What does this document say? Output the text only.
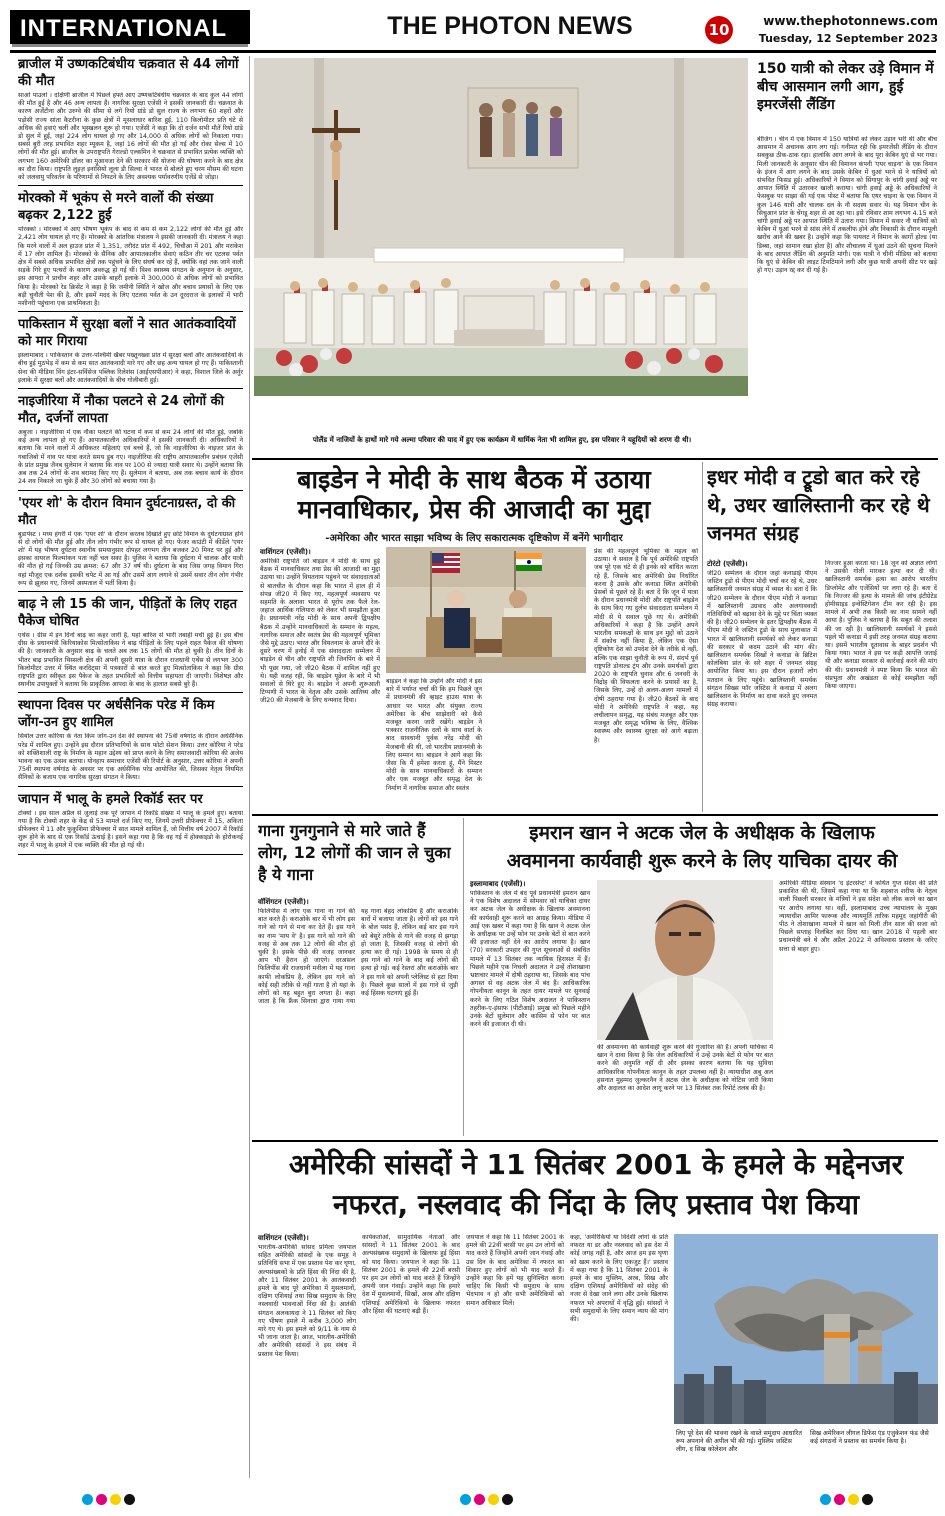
INTERNATIONAL	THE PHOTON NEWS	10	www.thephotonnews.com
Tuesday, 12 September 2023
ब्राजील में उष्णकटिबंधीय चक्रवात से 44 लोगों की मौत
साओ पाउलो । दक्षिणी ब्राजील में पिछले हफ्ते आए उष्णकटिबंधीय चक्रवात के बाद कुल 44 लोगों की मौत हुई है और 46 अन्य लापता हैं। नागरिक सुरक्षा एजेंसी ने इसकी जानकारी दी। चक्रवात के कारण अर्जेंटीना और उरुग्वे की सीमा से लगे रियो ग्रांडे डो सुल राज्य के लगभग 60 शहरों और पड़ोसी राज्य सांता कैटरीना के कुछ क्षेत्रों में मूसलाधार बारिश हुई, 110 किलोमीटर प्रति घंटे से अधिक की हवाएं चलीं और भूस्खलन शुरू हो गया। एजेंसी ने कहा कि दो दर्जन सभी मौतें रियो ग्रांडे डो सुल में हुईं, जहां 224 लोग घायल हो गए और 14,000 से अधिक लोगों को निकाला गया। सबसे बुरी तरह प्रभावित शहर म्यूकम है, जहां 16 लोगों की मौत हो गई और रोका सेल्स में 10 लोगों की मौत हुई। ब्राजील के उपराष्ट्रपति गेराल्डो एल्कमिन ने चक्रवात से प्रभावित प्रत्येक व्यक्ति को लगभग 160 अमेरिकी डॉलर का मुआवजा देने की सरकार की योजना की घोषणा करने के बाद क्षेत्र का दौरा किया। राष्ट्रपति लुइज़ इनासियो लूला डी सिल्वा ने भारत से बोलते हुए चरम मौसम की घटना को जलवायु परिवर्तन के परिणामों से निपटने के लिए अवश्यक पर्यावरणीय एजेंडे से जोड़ा।
मोरक्को में भूकंप से मरने वालों की संख्या बढ़कर 2,122 हुई
मोरक्को । मोरक्को में आए भीषण भूकंप के बाद से कम से कम 2,122 लोगों की मौत हुई और 2,421 लोग घायल हो गए हैं। मोरक्को के आंतरिक मंत्रालय ने इसकी जानकारी दी। मंत्रालय ने कहा कि मरने वालों में अल हाउज प्रांत में 1,351, तरौदंट प्रांत में 492, चिचौआ में 201 और मराकेश में 17 लोग शामिल हैं। मोरक्को के सैनिक और आपातकालीन सेवाएं कठिन तीर चर एटलस पर्वत क्षेत्र में सबसे अधिक प्रभावित क्षेत्रों तक पहुंचने के लिए संघर्ष कर रहे हैं, क्योंकि वहां तक जाने वाली सड़कें गिरे हुए पत्थरों के कारण अवरुद्ध हो गई थीं। विश्व स्वास्थ्य संगठन के अनुमान के अनुसार, इस आपदा ने प्राचीन शहर और उसके बाहरी इलाके में 300,000 से अधिक लोगों को प्रभावित किया है। मोरक्को रेड क्रिसेंट ने कहा है कि जमीनी स्थिति ने खोज और बचाव प्रयासों के लिए एक बड़ी चुनौती पेश की है, और इसमें मदद के लिए एटलस पर्वत के उन दूरदराज के इलाकों में भारी मशीनरी पहुंचाना एक प्राथमिकता है।
पाकिस्तान में सुरक्षा बलों ने सात आतंकवादियों को मार गिराया
इस्लामाबाद । पाकिस्तान के उत्तर-पश्चिमी खैबर पख्तूनख्वा प्रांत में सुरक्षा बलों और आतंकवादियों के बीच हुई मुठभेड़ में कम से कम सात आतंकवादी मारे गए और छह अन्य घायल हो गए हैं। पाकिस्तानी सेना की मीडिया विंग इंटर-सर्विसेज पब्लिक रिलेशंस (आईएसपीआर) ने कहा, विशाल जिले के अर्नुर इलाके में सुरक्षा बलों और आतंकवादियों के बीच गोलीबारी हुई।
नाइजीरिया में नौका पलटने से 24 लोगों की मौत, दर्जनों लापता
अबुजा । नाइजीरिया में एक नौका पलटने की घटना में कम से कम 24 लोगों की मौत हुई, जबकि कई अन्य लापता हो गए हैं। आपातकालीन अधिकारियों ने इसकी जानकारी दी। अधिकारियों ने बताया कि मरने वालों में अधिकतर महिलाएं एवं बच्चे हैं, जो कि नाइजीरिया के नाइजर प्रांत के गबाजिबो में नाव पर यात्रा करते समय डूब गए। नाइजीरिया की राष्ट्रीय आपातकालीन प्रबंधन एजेंसी के प्रांत प्रमुख जैनब सुलेमान ने बताया कि नाव पर 100 से ज्यादा यात्री सवार थे। उन्होंने बताया कि अब तक 24 लोगों के शव बरामद किए गए हैं। सुलेमान ने बताया, अब तक बचाव कार्य के दौरान 24 शव निकाले जा चुके हैं और 30 लोगों को बचाया गया है।
'एयर शो' के दौरान विमान दुर्घटनाग्रस्त, दो की मौत
बुडापेस्ट । मध्य हंगरी में एक 'एयर शो' के दौरान करतब दिखाते हुए छोटे विमान के दुर्घटनाग्रस्त होने से दो लोगों की मौत हुई और तीन लोग गंभीर रूप से घायल हो गए। फेजर काउंटी में कीर्डेले 'एयर शो' में यह भीषण दुर्घटना स्थानीय समयानुसार दोपहर लगभग तीन बजकर 20 मिनट पर हुई और इसका वायरल फिल्मांकन पता नहीं चल सका है। पुलिस ने बताया कि दुर्घटना में चालक और यात्री की मौत हो गई जिनकी उम्र क्रमश: 67 और 37 वर्ष थी। दुर्घटना के बाद जिस जगह विमान गिरा वहां मौजूद एक दर्शक इसकी चपेट में आ गई और उसमें आग लगाने से उसमें सवार तीन लोग गंभीर रूप से झुलस गए, जिनमें अस्पताल में भर्ती किया है।
बाढ़ ने ली 15 की जान, पीड़ितों के लिए राहत पैकेज घोषित
एथेंस । ग्रीस में इन दिनों बाढ़ का कहर जारी है, यहां बारिश से भारी तबाही मची हुई है। इस बीच ग्रीस के प्रधानमंत्री किरियाकोस मित्सोताकिस ने बाढ़ पीड़ितों के लिए पहले राहत पैकेज की घोषणा की है। जानकारी के अनुसार बाढ़ के चलते अब तक 15 लोगों की मौत हो चुकी है। तीन दिनों के भीतर बाढ़ प्रभावित थिस्सली क्षेत्र की अपनी दूसरी यात्रा के दौरान राजधानी एथेंस से लगभग 300 किलोमीटर उत्तर में स्थित करदिट्सा में पत्रकारों से बात करते हुए मित्सोताकिस ने कहा कि ग्रीस राष्ट्रपति द्वारा स्वीकृत इस पैकेज के तहत प्रभावितों को वित्तीय सहायता दी जाएगी। विशेषज्ञ और स्थानीय उपायुक्तों ने बताया कि प्राकृतिक आपदा के बाद के हालात सबसे बुरे हैं।
स्थापना दिवस पर अर्धसैनिक परेड में किम जोंग-उन हुए शामिल
सियोल उत्तर कोरिया के नेता किम जोंग-उन देश की स्थापना की 75वीं वर्षगांठ के दौरान अर्धसैनिक परेड में शामिल हुए। उन्होंने इस दौरान प्रतिभागियों के साथ फोटो सेशन किया। उत्तर कोरिया ने परेड को शक्तिशाली राष्ट्र के निर्माण के महान उद्देश्य को प्राप्त करने के लिए समाजवादी कोरिया की अजेय भावना का एक उत्सव बताया। योनहाप समाचार एजेंसी की रिपोर्ट के अनुसार, उत्तर कोरिया ने अपनी 75वीं स्थापना वर्षगांठ के अवसर पर एक अर्धसैनिक परेड आयोजित की, जिसका नेतृत्व नियमित सैनिकों के बजाय एक नागरिक सुरक्षा संगठन ने किया।
जापान में भालू के हमले रिकॉर्ड स्तर पर
टोक्यो । इस साल अप्रैल से जुलाई तक पूरे जापान में रिकॉर्ड संख्या में भालू के हमले हुए। बताया गया है कि टोक्यो शहर के केंद्र से 53 मामले दर्ज किए गए, जिनमें उत्तरी प्रीफेक्चर में 15, अकिता प्रीफेक्चर में 11 और फुकुशिमा प्रीफेक्चर में सात मामले शामिल हैं, जो वित्तीय वर्ष 2007 में रिकॉर्ड शुरू होने के बाद से एक रिकॉर्ड ऊंचाई है। इसने कहा गया है कि वह गई में होक्काइडो के होरोकनई शहर में भालू के हमले में एक व्यक्ति की मौत हो गई थी।
पोलैंड में नाजियों के हाथों मारे गये अल्मा परिवार की याद में हुए एक कार्यक्रम में धार्मिक नेता भी शामिल हुए, इस परिवार ने यहूदियों को शरण दी थी।
150 यात्री को लेकर उड़े विमान में बीच आसमान लगी आग, हुई इमरजेंसी लैंडिंग
बीजिंग । चीन में एक विमान में 150 यात्रियों को लेकर उड़ान भरी थी और बीच आसमान में अचानक आग लग गई। गनीमत रही कि इमरजेंसी लैंडिंग के दौरान सबकुछ ठीक-ठाक रहा। हालांकि आग लगने के बाद पूरा केबिन धुएं से भर गया। मिली जानकारी के अनुसार चीन की विमानन कंपनी 'एयर चाइना' के एक विमान के इंजन में आग लगने के बाद उसके केबिन में धुआं भरने से ने यात्रियों को संभवित फिसड हुई। अधिकारियों ने विमान को सिंगापुर के चांगी हवाई अड्डे पर आपात स्थिति में उतारकर खाली कराया। चांगी हवाई अड्डे के अधिकारियों ने फेसबुक पर साझा की गई एक पोस्ट में बताया कि एयर चाइना के एक विमान में कुल 146 यात्री और चालक दल के नौ सदस्य सवार थे। यह विमान चीन के सिचुआन प्रांत के चेंगडू शहर से आ रहा था। इसे रविवार शाम लगभग 4.15 बजे चांगी हवाई अड्डे पर आपात स्थिति में उतारा गया। विमान में सवार नौ यात्रियों को केबिन में धुआं भरने से सांस लेने में तकलीफ होने और निकासी के दौरान मामूली खरोंच आने की खबर है। उन्होंने कहा कि पायलट ने विमान के कार्गो होल्ड (या डिब्बा, जहां सामान रखा होता है) और शौचालय में धुआं उठने की सूचना मिलने के बाद आपात लैंडिंग की अनुमति मांगी। एक यात्री ने चीनी मीडिया को बताया कि धुएं से केबिन की लाइट टिमटिमाने लगी और कुछ यात्री अपनी सीट पर खड़े हो गए। उड़ान रद्द कर दी गई है।
बाइडेन ने मोदी के साथ बैठक में उठाया
मानवाधिकार, प्रेस की आजादी का मुद्दा
-अमेरिका और भारत साझा भविष्य के लिए सकारात्मक दृष्टिकोण में बनेंगे भागीदार
वाशिंगटन (एजेंसी)।
अमेरिकी राष्ट्रपति जो बाइडन ने मोदी के साथ हुई बैठक में मानवाधिकार तथा प्रेस की आजादी का मुद्दा उठाया था। उन्होंने वियतनाम पहुंचने पर संवाददाताओं से बातचीत के दौरान कहा कि भारत में हाल ही में संपन्न जी20 में किए गए, महत्वपूर्ण व्यवसाय पर सहमति के अलावा भारत से यूरोप तक फैले रेल-जहाज आर्थिक गलियारा को लेकर भी समझौता हुआ है। प्रधानमंत्री नरेंद्र मोदी के साथ अपनी द्विपक्षीय बैठक में उन्होंने मानवाधिकारों के सम्मान के महत्व, नागरिक समाज और स्वतंत्र प्रेस की महत्वपूर्ण भूमिका जैसे मुद्दे उठाए। भारत और वियतनाम के अपने दौरे के दूसरे चरण में हनोई में एक संवाददाता सम्मेलन में बाइडेन से चीन और राष्ट्रपति शी जिनपिंग के बारे में भी पूछा गया, जो जी20 बैठक में शामिल नहीं हुए थे। यही वजह रही, कि बाइडेन यूक्रेन के बारे में भी सवालों से घिरे हुए थे। बाइडेन ने अपनी शुरूआती टिप्पणी में भारत के नेतृत्व और उसके आतिथ्य और जी20 की मेजबानी के लिए धन्यवाद दिया।
बाइडन ने कहा कि उन्होंने और मोदी ने इस बारे में पर्याप्त चर्चा की कि हम पिछले जून में प्रधानमंत्री की व्हाइट हाउस यात्रा के आधार पर भारत और संयुक्त राज्य अमेरिका के बीच साझेदारी को कैसे मजबूत करना जारी रखेंगे। बाइडेन ने पत्रकार राजनीतिक दलों के साथ वार्ता के बाद सावधानी पूर्वक नरेंद्र मोदी की मेजबानी की थी, जो भारतीय प्रधानमंत्री के लिए सम्मान था। बाइडन ने आगे कहा कि जैसा कि मैं हमेशा करता हूं, मैंने मिस्टर मोदी के साथ मानवाधिकारों के सम्मान और एक मजबूत और समृद्ध देश के निर्माण में नागरिक समाज और स्वतंत्र
प्रेस की महत्वपूर्ण भूमिका के महत्व को उठाया। ये सवाल है कि पूर्व अमेरिकी राष्ट्रपति जब पूरे एक घंटे से ही इनके को बांधित करता रहे हैं, जिसके बाद अमेरिकी प्रेस निर्धारित करना है उसके और कनाडा स्थित अमेरिकी प्रेसबों से पूछते रहे हैं। बता दें कि जून में यात्रा के दौरान प्रधानमंत्री मोदी और राष्ट्रपति बाइडेन के साथ किए गए दुर्लभ संवाददाता सम्मेलन में मोदी से ये सवाल पूछे गए थे। अमेरिकी अधिकारियों ने कहा है कि उन्होंने अपने भारतीय समकक्षों के साथ इन मुद्दों को उठाने में संकोच नहीं किया है, लेकिन एक ऐसा दृष्टिकोण देश को उपदेश देने के तरीके से नहीं, बल्कि एक साझा चुनौती के रूप में, संदर्भ पूर्व राष्ट्रपति डोनाल्ड ट्रंप और उनके समर्थकों द्वारा 2020 के राष्ट्रपति चुनाव और 6 जनवरी के विद्रोह की विफलता करने के प्रयासों का है, जिसके लिए, उन्हें दो अलग-अलग मामलों में दोषी ठहराया गया है। जी20 बैठकों के बाद मोदी ने अमेरिकी राष्ट्रपति ने कहा, यह लचीलापन समृद्ध, यह संबंध मजबूत और एक मजबूत और समृद्ध भविष्य के लिए, वैश्विक स्वास्थ्य और स्वास्थ्य सुरक्षा को आगे बढ़ाता है।
इधर मोदी व ट्रूडो बात करे रहे थे, उधर खालिस्तानी कर रहे थे जनमत संग्रह
टोरंटो (एजेंसी)।
जी20 सम्मेलन के दौरान जहां कनाडाई पीएम जस्टिन ट्रूडो से पीएम मोदी चर्चा कर रहे थे, उधर खालिस्तानी जनमत संग्रह में व्यस्त थे। बता दें कि जी20 सम्मेलन के दौरान पीएम मोदी ने कनाडा में खालिस्तानी उग्रवाद और अलगाववादी गतिविधियों को बढ़ावा देने के मुद्दे पर चिंता व्यक्त की है। जी20 सम्मेलन के इतर द्विपक्षीय बैठक में पीएम मोदी ने जस्टिन ट्रूडो के साथ मुलाकात में भारत में खालिस्तानी समर्थकों को लेकर कनाडा की सरकार से कदम उठाने की मांग की। खालिस्तान समर्थक सिखों ने कनाडा के ब्रिटिश कोलंबिया प्रांत के सरे शहर में जनमत संग्रह आयोजित किया था। इस दौरान हजारों लोग मतदान के लिए पहुंचे। खालिस्तानी समर्थक संगठन सिख्स फॉर जस्टिस ने कनाडा में अलग खालिस्तान के निर्माण का दावा करते हुए जनमत संग्रह कराया।
निज्जर हुआ करता था। 18 जून को अज्ञात लोगों ने उसकी गोली मारकर हत्या कर दी थी। खालिस्तानी समर्थक हत्या का आरोप भारतीय डिप्लोमेट और एजेंसियों पर लगा रहे हैं। बता दें कि निज्जर की हत्या के मामले की जांच इंटीग्रेटेड होमीसाइड इन्वेस्टिगेशन टीम कर रही है। इस मामले में अभी तक किसी का नाम सामने नहीं आया है। पुलिस ने बताया है कि सबूत की तलाश की जा रही है। खालिस्तानी समर्थकों ने इससे पहले भी कनाडा में इसी तरह जनमत संग्रह कराया था। इसमें भारतीय दूतावास के बाहर प्रदर्शन भी किया गया। भारत ने इस पर कड़ी आपत्ति जताई थी और कनाडा सरकार से कार्रवाई करने की मांग की थी। प्रधानमंत्री ने स्पष्ट किया कि भारत की संप्रभुता और अखंडता से कोई समझौता नहीं किया जाएगा।
गाना गुनगुनाने से मारे जाते हैं लोग, 12 लोगों की जान ले चुका है ये गाना
वॉशिंगटन (एजेंसी)।
फिलिपींस में लोग एक गाना ना गाने की बात करते हैं। कराओके बार में भी लोग इस गाने को गाने से मना कर देते हैं। इस गाने का नाम 'माय वे' है। इस गाने को गाने की वजह से अब तक 12 लोगों की मौत हो चुकी है। इसके पीछे की वजह जानकर आप भी हैरान हो जाएंगे। दरअसल फिलिपींस की राजधानी मनीला में यह गाना काफी लोकप्रिय है, लेकिन इस गाने को कोई सही तरीके से नहीं गाता है तो यहां के लोगों को यह बहुत बुरा लगता है। कहा जाता है कि फ्रैंक सिनात्रा द्वारा गाया गया यह गाना बेहद लोकप्रिय है और कराओके बारों में बजाया जाता है। लोगों को इस गाने के बोल पसंद हैं, लेकिन कई बार इस गाने को बेसुरे तरीके से गाने की वजह से झगड़ा हो जाता है, जिसकी वजह से लोगों की हत्या कर दी गई। 1998 के समय से ही इस गाने को गाने के बाद कई लोगों की हत्या हो गई। कई रेस्तरां और कराओके बार ने इस गाने को अपनी प्लेलिस्ट से हटा दिया है। पिछले कुछ सालों में इस गाने से जुड़ी कई हिंसक घटनाएं हुई हैं।
इमरान खान ने अटक जेल के अधीक्षक के खिलाफ
अवमानना कार्यवाही शुरू करने के लिए याचिका दायर की
इस्लामाबाद (एजेंसी)।
पाकिस्तान के जेल में बंद पूर्व प्रधानमंत्री इमरान खान ने एक विशेष अदालत में सोमवार को याचिका दायर कर अटक जेल के अधीक्षक के खिलाफ अवमानना की कार्यवाही शुरू करने का आग्रह किया। मीडिया में आई एक खबर में कहा गया है कि खान ने अटक जेल के अधीक्षक पर उन्हें फोन पर उनके बेटों से बात करने की इजाजत नहीं देने का आरोप लगाया है। खान (70) सरकारी उपहार की गुप्त सूचनाओं से संबंधित मामले में 13 सितंबर तक न्यायिक हिरासत में हैं। पिछले महीने एक निचली अदालत ने उन्हें तोशाखाना भ्रष्टाचार मामले में दोषी ठहराया था, जिसके बाद पांच अगस्त से वह अटक जेल में बंद हैं। आधिकारिक गोपनीयता कानून के तहत दायर मामले पर सुनवाई करने के लिए गठित विशेष अदालत ने पाकिस्तान तहरीक-ए-इंसाफ (पीटीआई) प्रमुख को पिछले महीने उनके बेटों सुलेमान और कासिम से फोन पर बात करने की इजाजत दी थी।
की अवमानना की कार्यवाही शुरू करने की गुजारिश की है। अपनी याचिका में खान ने दावा किया है कि जेल अधिकारियों ने उन्हें उनके बेटों से फोन पर बात करने की अनुमति नहीं दी और इसका कारण बताया कि यह सुविधा आधिकारिक गोपनीयता कानून के तहत उपलब्ध नहीं है। न्यायाधीश अबु अल हसनात मुहम्मद जुल्करनैन ने अटक जेल के अधीक्षक को नोटिस जारी किया और अदालत का आदेश लागू करने पर 13 सितंबर तक रिपोर्ट तलब की है।
अमेरिकी मीडिया संस्थान 'द इंटरसेप्ट' ने कथित गुप्त संदेश की प्रति प्रकाशित की थी, जिसमें कहा गया था कि शहबाज शरीफ के नेतृत्व वाली पिछली सरकार के मंत्रियों ने इस संदेश को लीक करने का खान पर आरोप लगाया था। वहीं, इस्लामाबाद उच्च न्यायालय के मुख्य न्यायाधीश आमिर फारूक और न्यायमूर्ति तारिक महमूद जहांगीरी की पीठ ने तोशाखाना मामले में खान को मिली तीन साल की सजा को पिछले सप्ताह निलंबित कर दिया था। खान 2018 में पहली बार प्रधानमंत्री बने थे और अप्रैल 2022 में अविश्वास प्रस्ताव के जरिए सत्ता से बाहर हुए।
अमेरिकी सांसदों ने 11 सितंबर 2001 के हमले के मद्देनजर
नफरत, नस्लवाद की निंदा के लिए प्रस्ताव पेश किया
वाशिंगटन (एजेंसी)।
भारतीय-अमेरिकी सांसद प्रमिला जयपाल सहित अमेरिकी सांसदों के एक समूह ने प्रतिनिधि सभा में एक प्रस्ताव पेश कर घृणा, अल्पसंख्यकों के प्रति हिंसा की निंदा की है, और 11 सितंबर 2001 के आतंकवादी हमले के बाद पूरे अमेरिका में मुसलमानों, दक्षिण एशियाई तथा सिख समुदाय के लिए नस्लवादी भावनाओं निंदा की है। आतंकी संगठन अलकायदा ने 11 सितंबर को किए गए भीषण हमले में करीब 3,000 लोग मारे गए थे। इस हमले को 9/11 के नाम से भी जाना जाता है। आज, भारतीय-अमेरिकी और अमेरिकी सांसदों ने इस संबंध में प्रस्ताव पेश किया।
कार्यकर्ताओं, सामुदायिक नेताओं और सांसदों ने 11 सितंबर 2001 के बाद अल्पसंख्यक समुदायों के खिलाफ हुई हिंसा को याद किया। जयपाल ने कहा कि 11 सितंबर 2001 के हमले की 22वीं बरसी पर हम उन लोगों को याद करते हैं जिन्होंने अपनी जान गंवाई। उन्होंने कहा कि हमारे देश में मुसलमानों, सिखों, अरब और दक्षिण एशियाई अमेरिकियों के खिलाफ नफरत और हिंसा की घटनाएं बढ़ी हैं।
जयपाल ने कहा कि 11 सितंबर 2001 के हमले की 22वीं बरसी पर हम उन लोगों को याद करते हैं जिन्होंने अपनी जान गंवाई और उस दिन के बाद अमेरिका में नफरत का शिकार हुए लोगों को भी याद करते हैं। उन्होंने कहा कि हमें यह सुनिश्चित करना चाहिए कि किसी भी समुदाय के साथ भेदभाव न हो और सभी अमेरिकियों को समान अधिकार मिलें।
कहा, 'अमेरिकियों या विदेशी लोगों के प्रति नफरत या डर और नस्लवाद को इस देश में कोई जगह नहीं है, और आज हम इस घृणा को खत्म करने के लिए एकजुट हैं।' प्रस्ताव में कहा गया है कि 11 सितंबर 2001 के हमले के बाद मुस्लिम, अरब, सिख और दक्षिण एशियाई अमेरिकियों को संदेह की नजर से देखा जाने लगा और उनके खिलाफ नफरत भरे अपराधों में वृद्धि हुई। सांसदों ने सभी समुदायों के लिए समान न्याय की मांग की।
लिए पूरे देश की भावना रखने के वास्ते समुदाय आधारित रूप अपनाने की अपील भी की गई। मुस्लिम जस्टिस लीग, द सिख कोलेशन और
सिख अमेरिकन लीगल डिफेंस एंड एजुकेशन फंड जैसे कई संगठनों ने प्रस्ताव का समर्थन किया है।
